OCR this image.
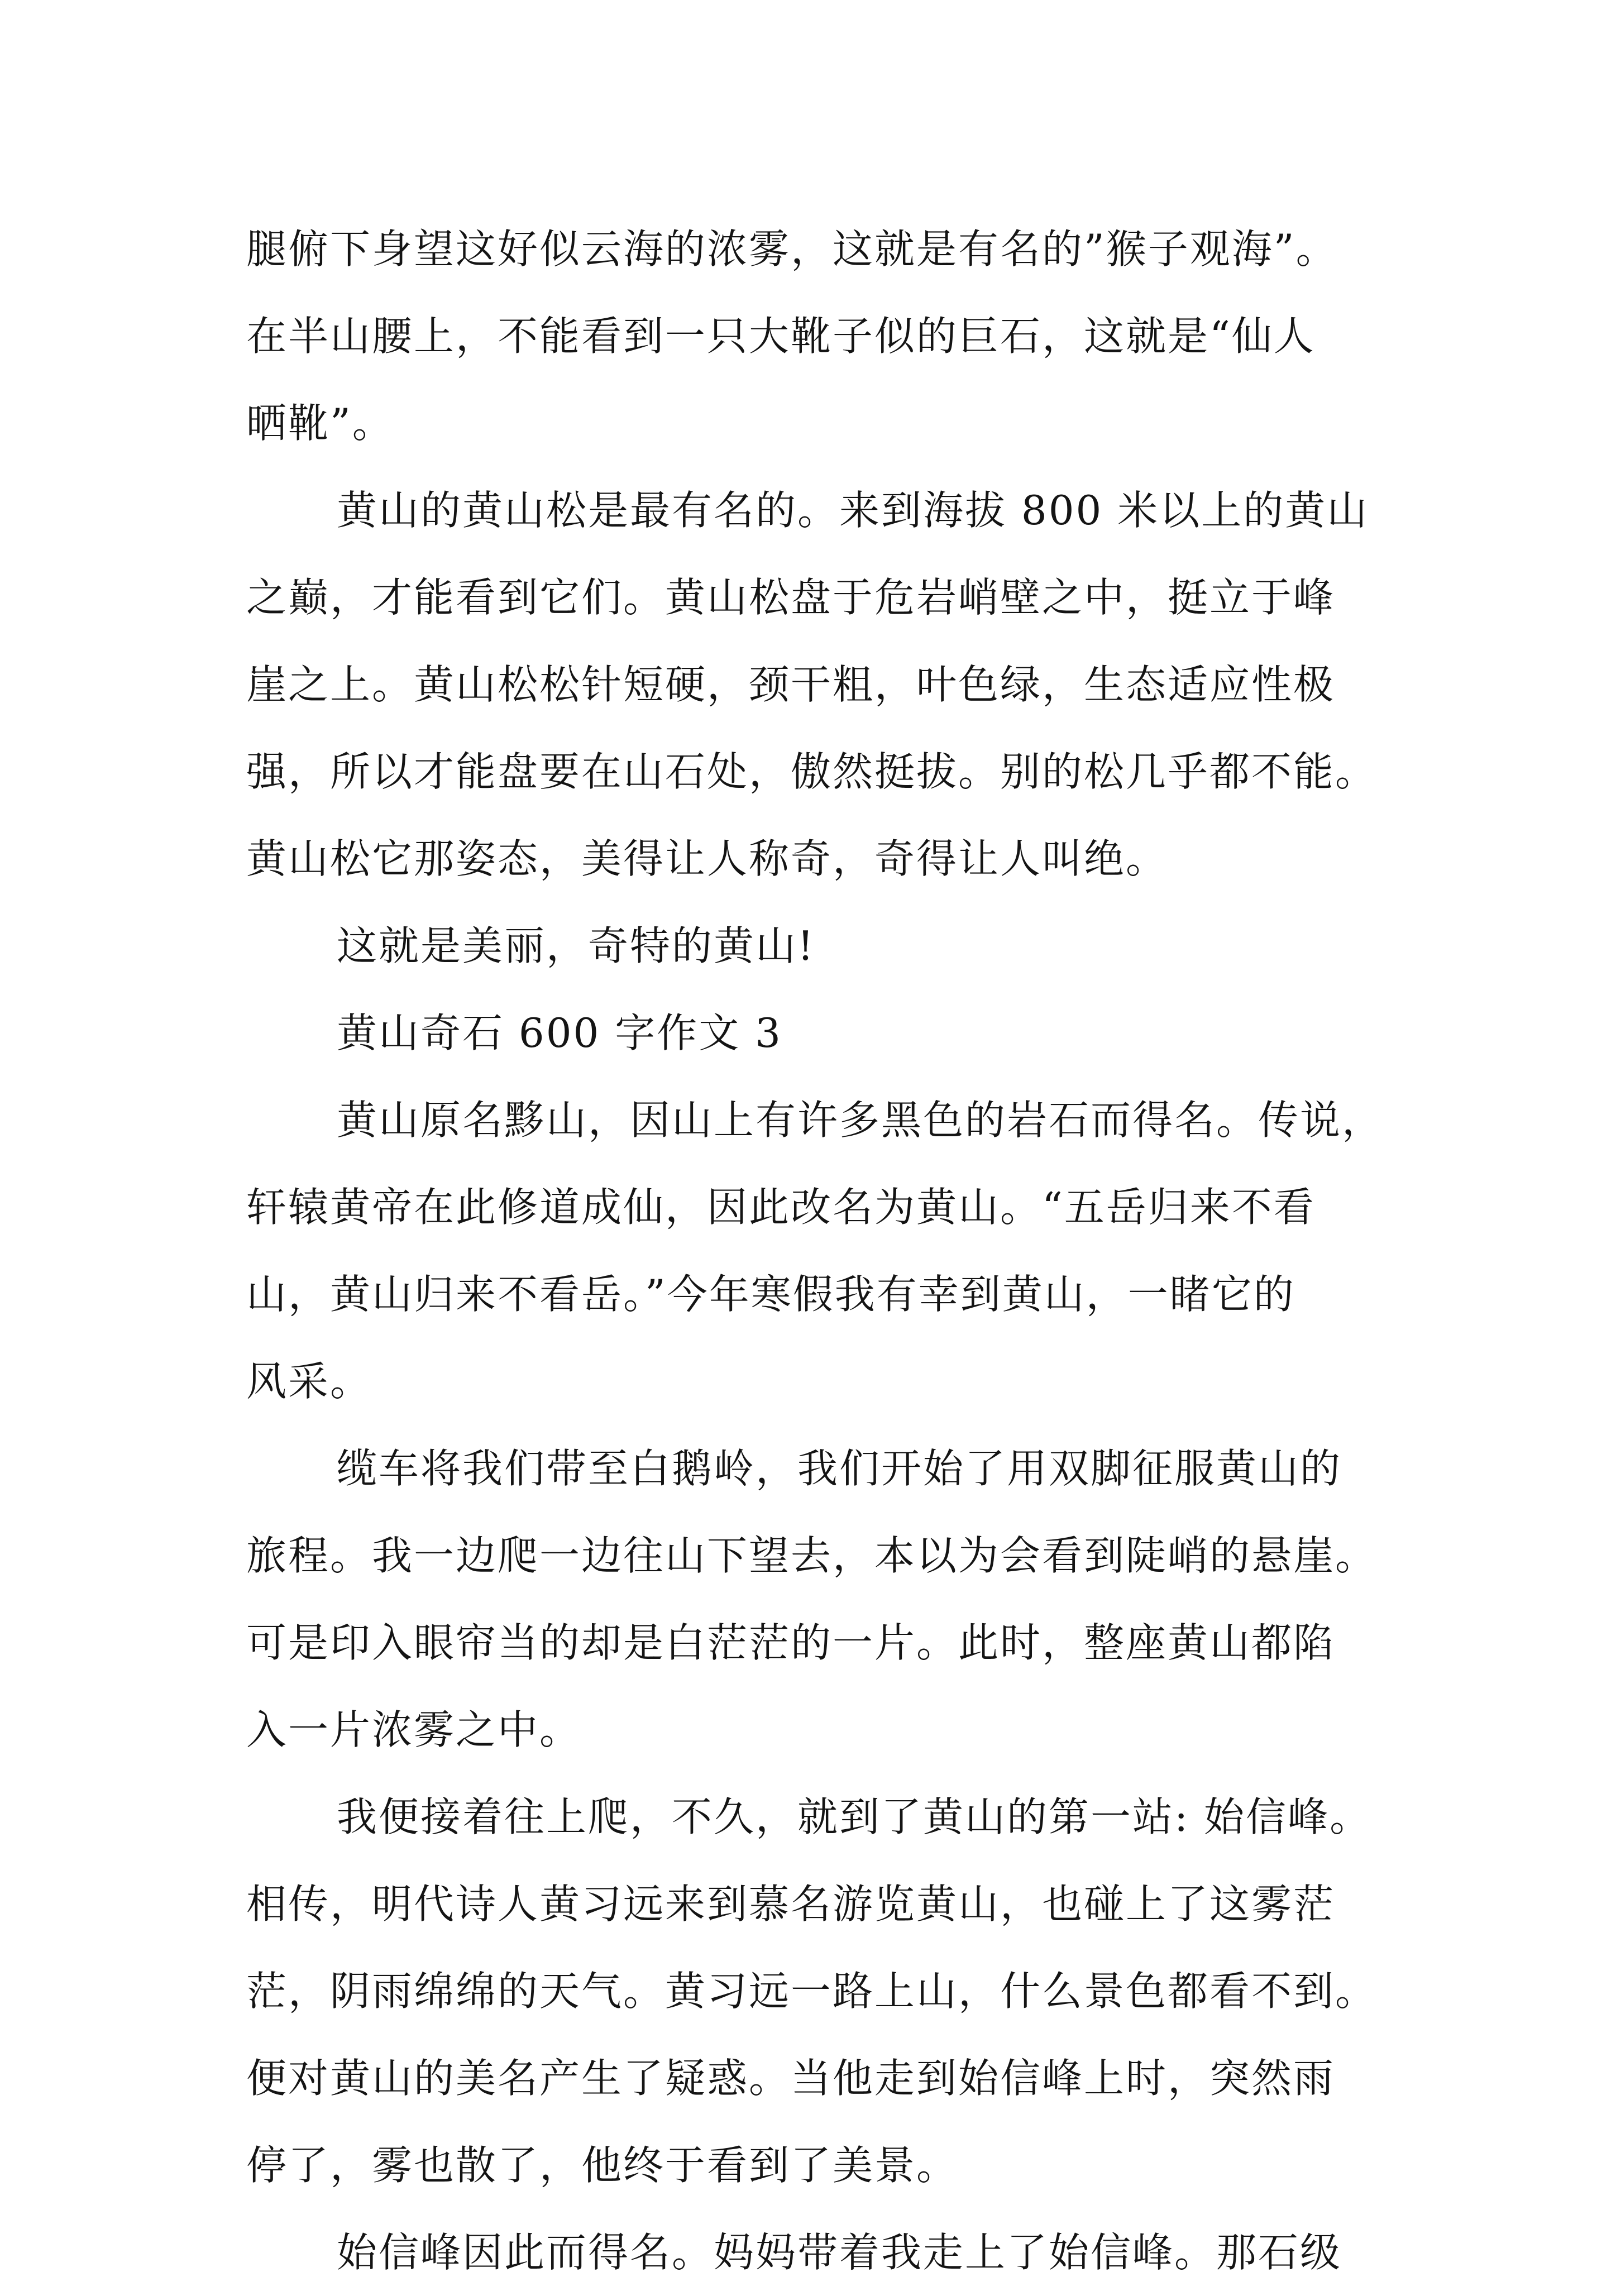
腿俯下身望这好似云海的浓雾，这就是有名的”猴子观海”。
在半山腰上，不能看到一只大靴子似的巨石，这就是“仙人
晒靴”。
黄山的黄山松是最有名的。来到海拔 800 米以上的黄山
之巅，才能看到它们。黄山松盘于危岩峭壁之中，挺立于峰
崖之上。黄山松松针短硬，颈干粗，叶色绿，生态适应性极
强，所以才能盘要在山石处，傲然挺拔。别的松几乎都不能。
黄山松它那姿态，美得让人称奇，奇得让人叫绝。
这就是美丽，奇特的黄山!
黄山奇石 600 字作文 3
黄山原名黟山，因山上有许多黑色的岩石而得名。传说，
轩辕黄帝在此修道成仙，因此改名为黄山。“五岳归来不看
山，黄山归来不看岳。”今年寒假我有幸到黄山，一睹它的
风采。
缆车将我们带至白鹅岭，我们开始了用双脚征服黄山的
旅程。我一边爬一边往山下望去，本以为会看到陡峭的悬崖。
可是印入眼帘当的却是白茫茫的一片。此时，整座黄山都陷
入一片浓雾之中。
我便接着往上爬，不久，就到了黄山的第一站: 始信峰。
相传，明代诗人黄习远来到慕名游览黄山，也碰上了这雾茫
茫，阴雨绵绵的天气。黄习远一路上山，什么景色都看不到。
便对黄山的美名产生了疑惑。当他走到始信峰上时，突然雨
停了，雾也散了，他终于看到了美景。
始信峰因此而得名。妈妈带着我走上了始信峰。那石级
